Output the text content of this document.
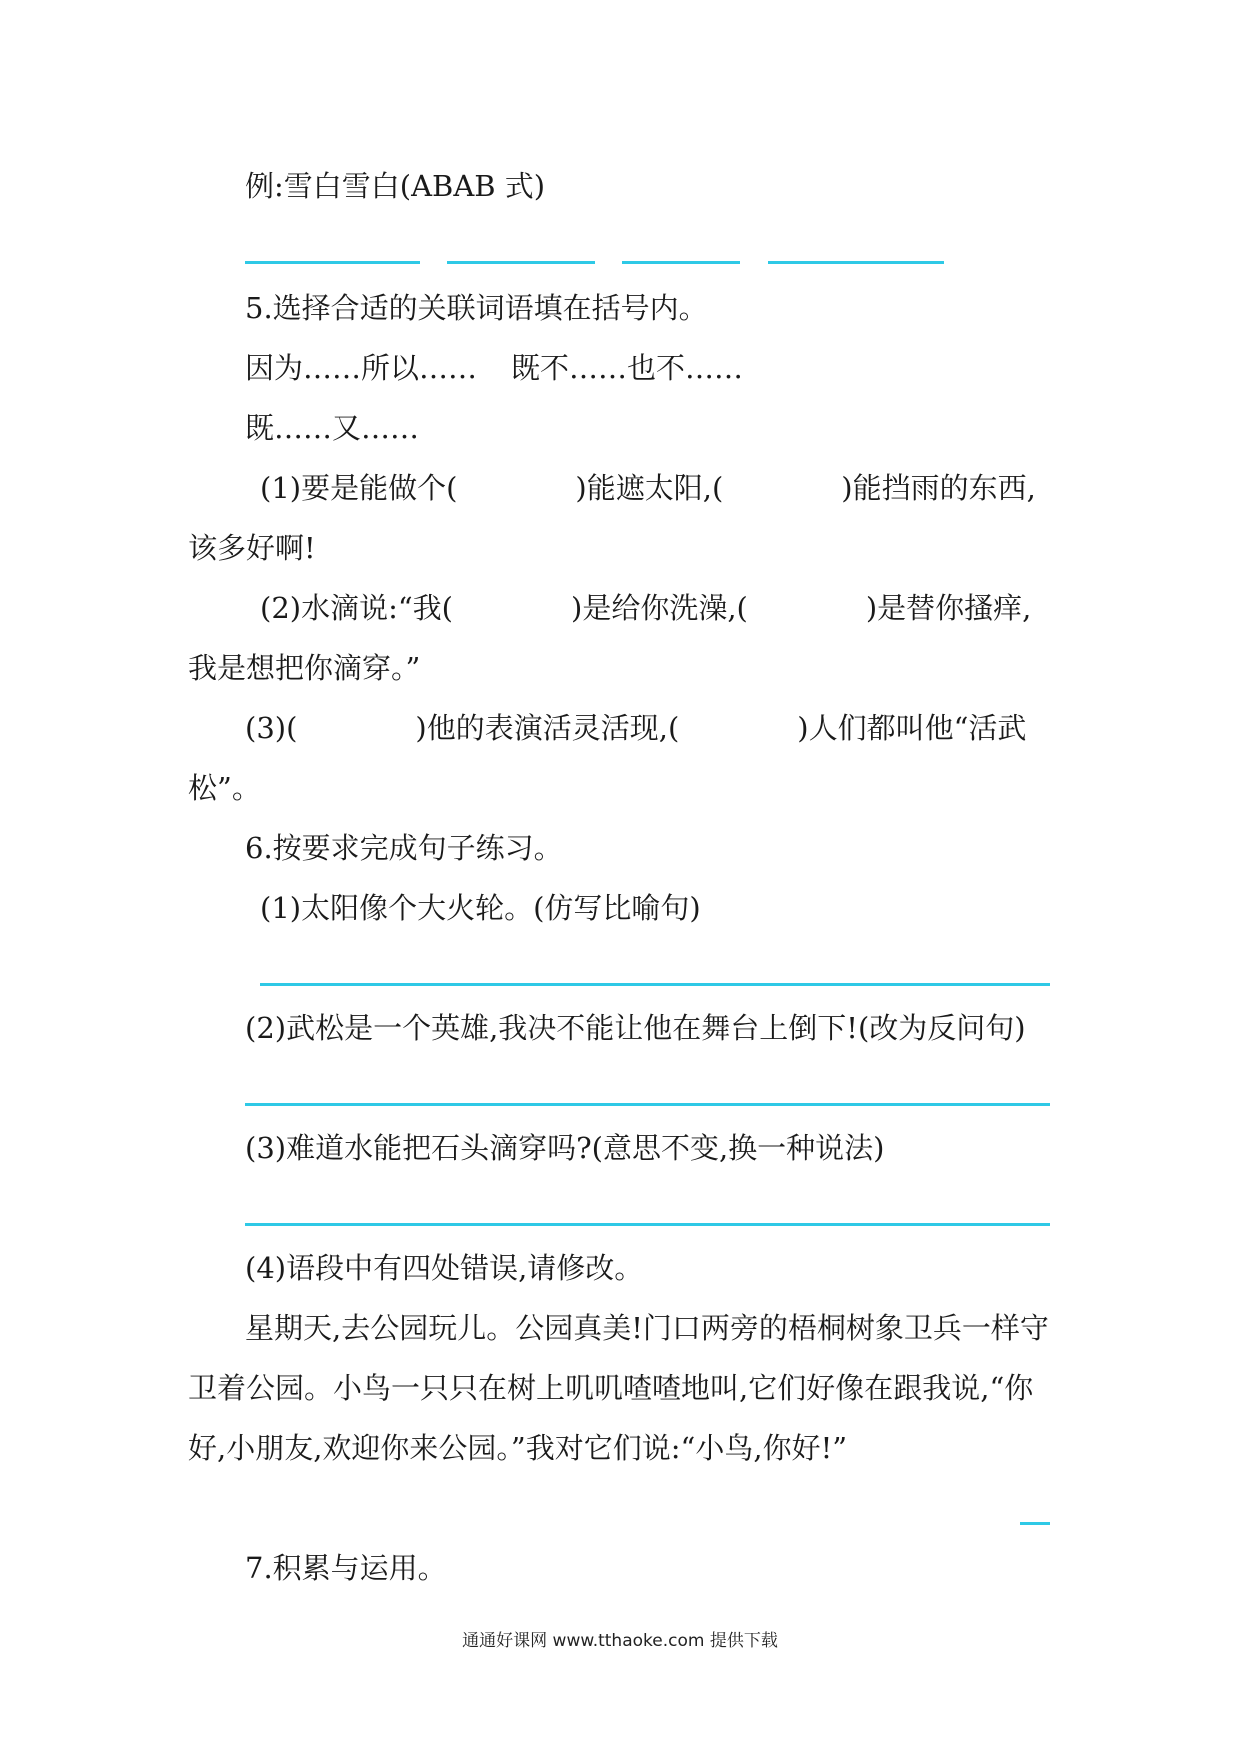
例:雪白雪白(ABAB 式)
5.选择合适的关联词语填在括号内。
因为……所以…… 既不……也不……
既……又……
(1)要是能做个(	)能遮太阳,(	)能挡雨的东西,
该多好啊!
(2)水滴说:“我(	)是给你洗澡,(	)是替你搔痒,
我是想把你滴穿。”
(3)(	)他的表演活灵活现,(	)人们都叫他“活武
松”。
6.按要求完成句子练习。
(1)太阳像个大火轮。(仿写比喻句)
(2)武松是一个英雄,我决不能让他在舞台上倒下!(改为反问句)
(3)难道水能把石头滴穿吗?(意思不变,换一种说法)
(4)语段中有四处错误,请修改。
星期天,去公园玩儿。公园真美!门口两旁的梧桐树象卫兵一样守
卫着公园。小鸟一只只在树上叽叽喳喳地叫,它们好像在跟我说,“你
好,小朋友,欢迎你来公园。”我对它们说:“小鸟,你好!”
7.积累与运用。
通通好课网 www.tthaoke.com 提供下载
